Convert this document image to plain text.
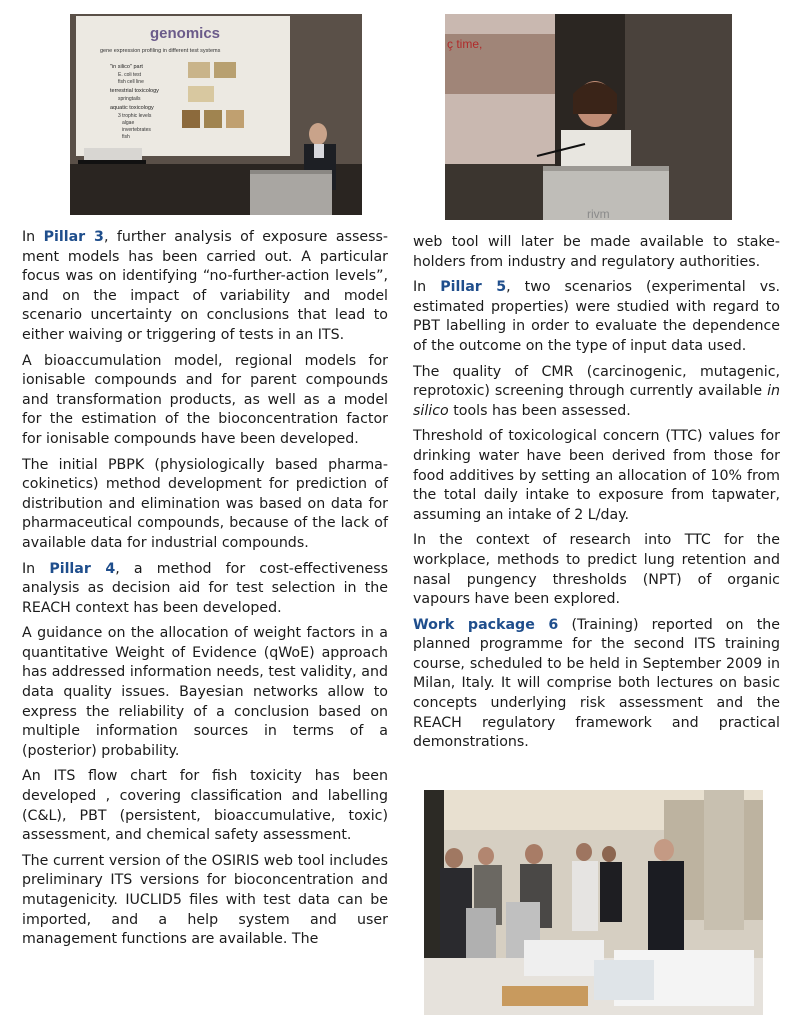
genomics
gene expression profiling in different test systems
"in silico" part
E. coli test
fish cell line
terrestrial toxicology
springtails
aquatic toxicology
3 trophic levels
algae
invertebrates
fish
ç time,
rivm

In Pillar 3, further analysis of exposure assessment models has been carried out. A particular focus was on identifying “no-further-action levels”, and on the impact of variability and model scenario uncertainty on conclusions that lead to either waiving or triggering of tests in an ITS.

A bioaccumulation model, regional models for ionisable compounds and for parent compounds and transformation products, as well as a model for the estimation of the bioconcentration factor for ionisable compounds have been developed.

The initial PBPK (physiologically based pharmacokinetics) method development for prediction of distribution and elimination was based on data for pharmaceutical compounds, because of the lack of available data for industrial compounds.

In Pillar 4, a method for cost-effectiveness analysis as decision aid for test selection in the REACH context has been developed.

A guidance on the allocation of weight factors in a quantitative Weight of Evidence (qWoE) approach has addressed information needs, test validity, and data quality issues. Bayesian networks allow to express the reliability of a conclusion based on multiple information sources in terms of a (posterior) probability.

An ITS flow chart for fish toxicity has been developed , covering classification and labelling (C&L), PBT (persistent, bioaccumulative, toxic) assessment, and chemical safety assessment.

The current version of the OSIRIS web tool includes preliminary ITS versions for bioconcentration and mutagenicity. IUCLID5 files with test data can be imported, and a help system and user management functions are available. The

web tool will later be made available to stakeholders from industry and regulatory authorities.

In Pillar 5, two scenarios (experimental vs. estimated properties) were studied with regard to PBT labelling in order to evaluate the dependence of the outcome on the type of input data used.

The quality of CMR (carcinogenic, mutagenic, reprotoxic) screening through currently available in silico tools has been assessed.

Threshold of toxicological concern (TTC) values for drinking water have been derived from those for food additives by setting an allocation of 10% from the total daily intake to exposure from tapwater, assuming an intake of 2 L/day.

In the context of research into TTC for the workplace, methods to predict lung retention and nasal pungency thresholds (NPT) of organic vapours have been explored.

Work package 6 (Training) reported on the planned programme for the second ITS training course, scheduled to be held in September 2009 in Milan, Italy. It will comprise both lectures on basic concepts underlying risk assessment and the REACH regulatory framework and practical demonstrations.
